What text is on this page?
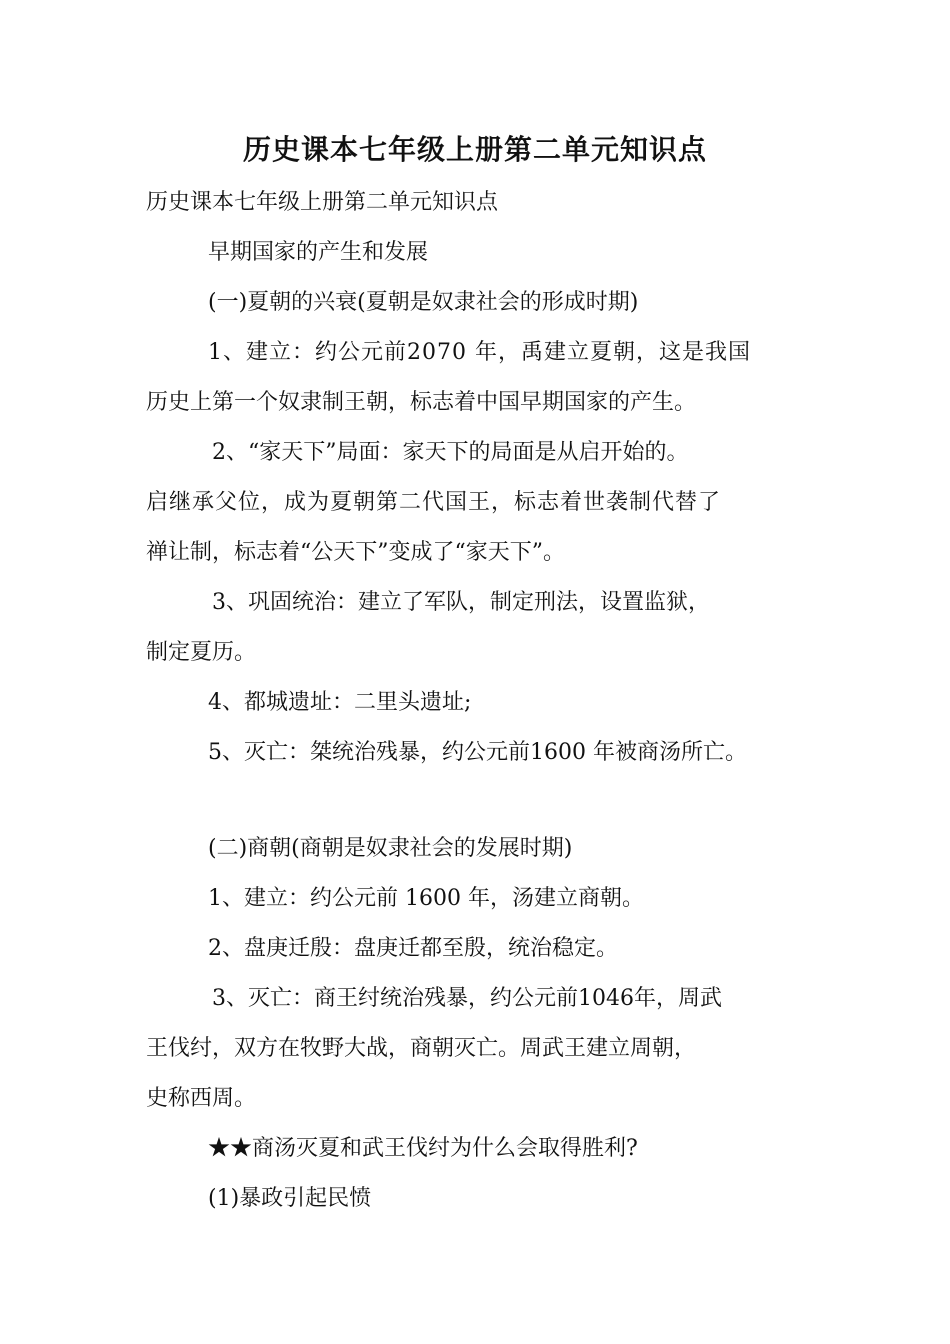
历史课本七年级上册第二单元知识点

历史课本七年级上册第二单元知识点

早期国家的产生和发展

(一)夏朝的兴衰(夏朝是奴隶社会的形成时期)

1、建立：约公元前2070 年，禹建立夏朝，这是我国

历史上第一个奴隶制王朝，标志着中国早期国家的产生。

2、“家天下”局面：家天下的局面是从启开始的。

启继承父位，成为夏朝第二代国王，标志着世袭制代替了

禅让制，标志着“公天下”变成了“家天下”。

3、巩固统治：建立了军队，制定刑法，设置监狱，

制定夏历。

4、都城遗址：二里头遗址;

5、灭亡：桀统治残暴，约公元前1600 年被商汤所亡。

(二)商朝(商朝是奴隶社会的发展时期)

1、建立：约公元前 1600 年，汤建立商朝。

2、盘庚迁殷：盘庚迁都至殷，统治稳定。

3、灭亡：商王纣统治残暴，约公元前1046年，周武

王伐纣，双方在牧野大战，商朝灭亡。周武王建立周朝，

史称西周。

★★商汤灭夏和武王伐纣为什么会取得胜利?

(1)暴政引起民愤
